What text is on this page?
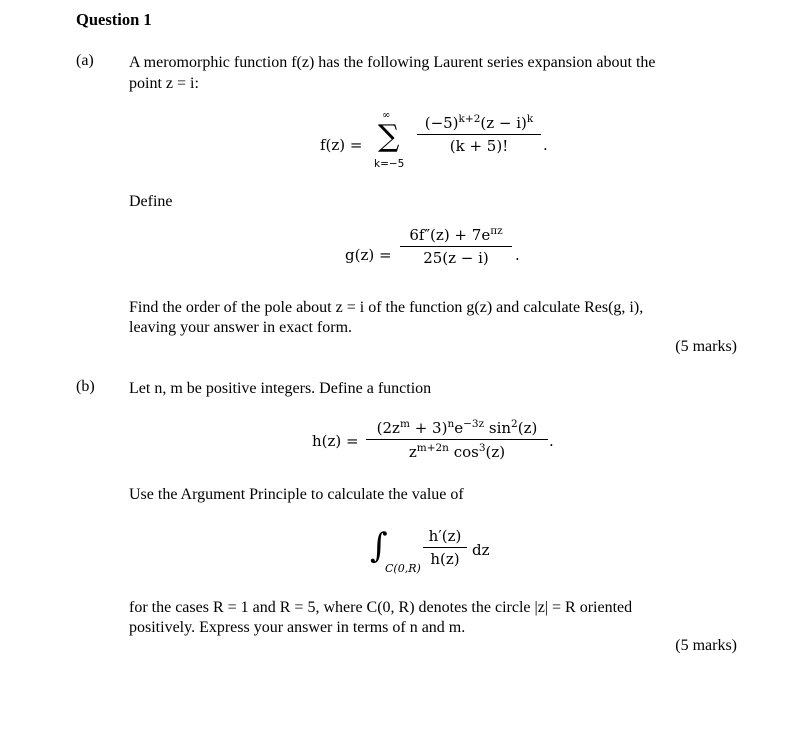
Question 1
(a) A meromorphic function f(z) has the following Laurent series expansion about the
point z = i:
f(z) =
∞
∑
k=−5
$(-5)^{k+2}(z - i)^k$
(k + 5)!	.
Define
g(z) =
$6f''(z) + 7e^{\pi z}$
25(z − i)	.
Find the order of the pole about z = i of the function g(z) and calculate Res(g, i),
leaving your answer in exact form.
(5 marks)
(b) Let n, m be positive integers. Define a function
h(z) =
$(2z^m + 3)^ne^{-3z}$ $\sin^2(z)$
$z^{m+2n}$ $\cos^3(z)$
.
Use the Argument Principle to calculate the value of
∫
C(0,R)
h′(z)
h(z) dz
for the cases R = 1 and R = 5, where C(0, R) denotes the circle |z| = R oriented
positively. Express your answer in terms of n and m.
(5 marks)
